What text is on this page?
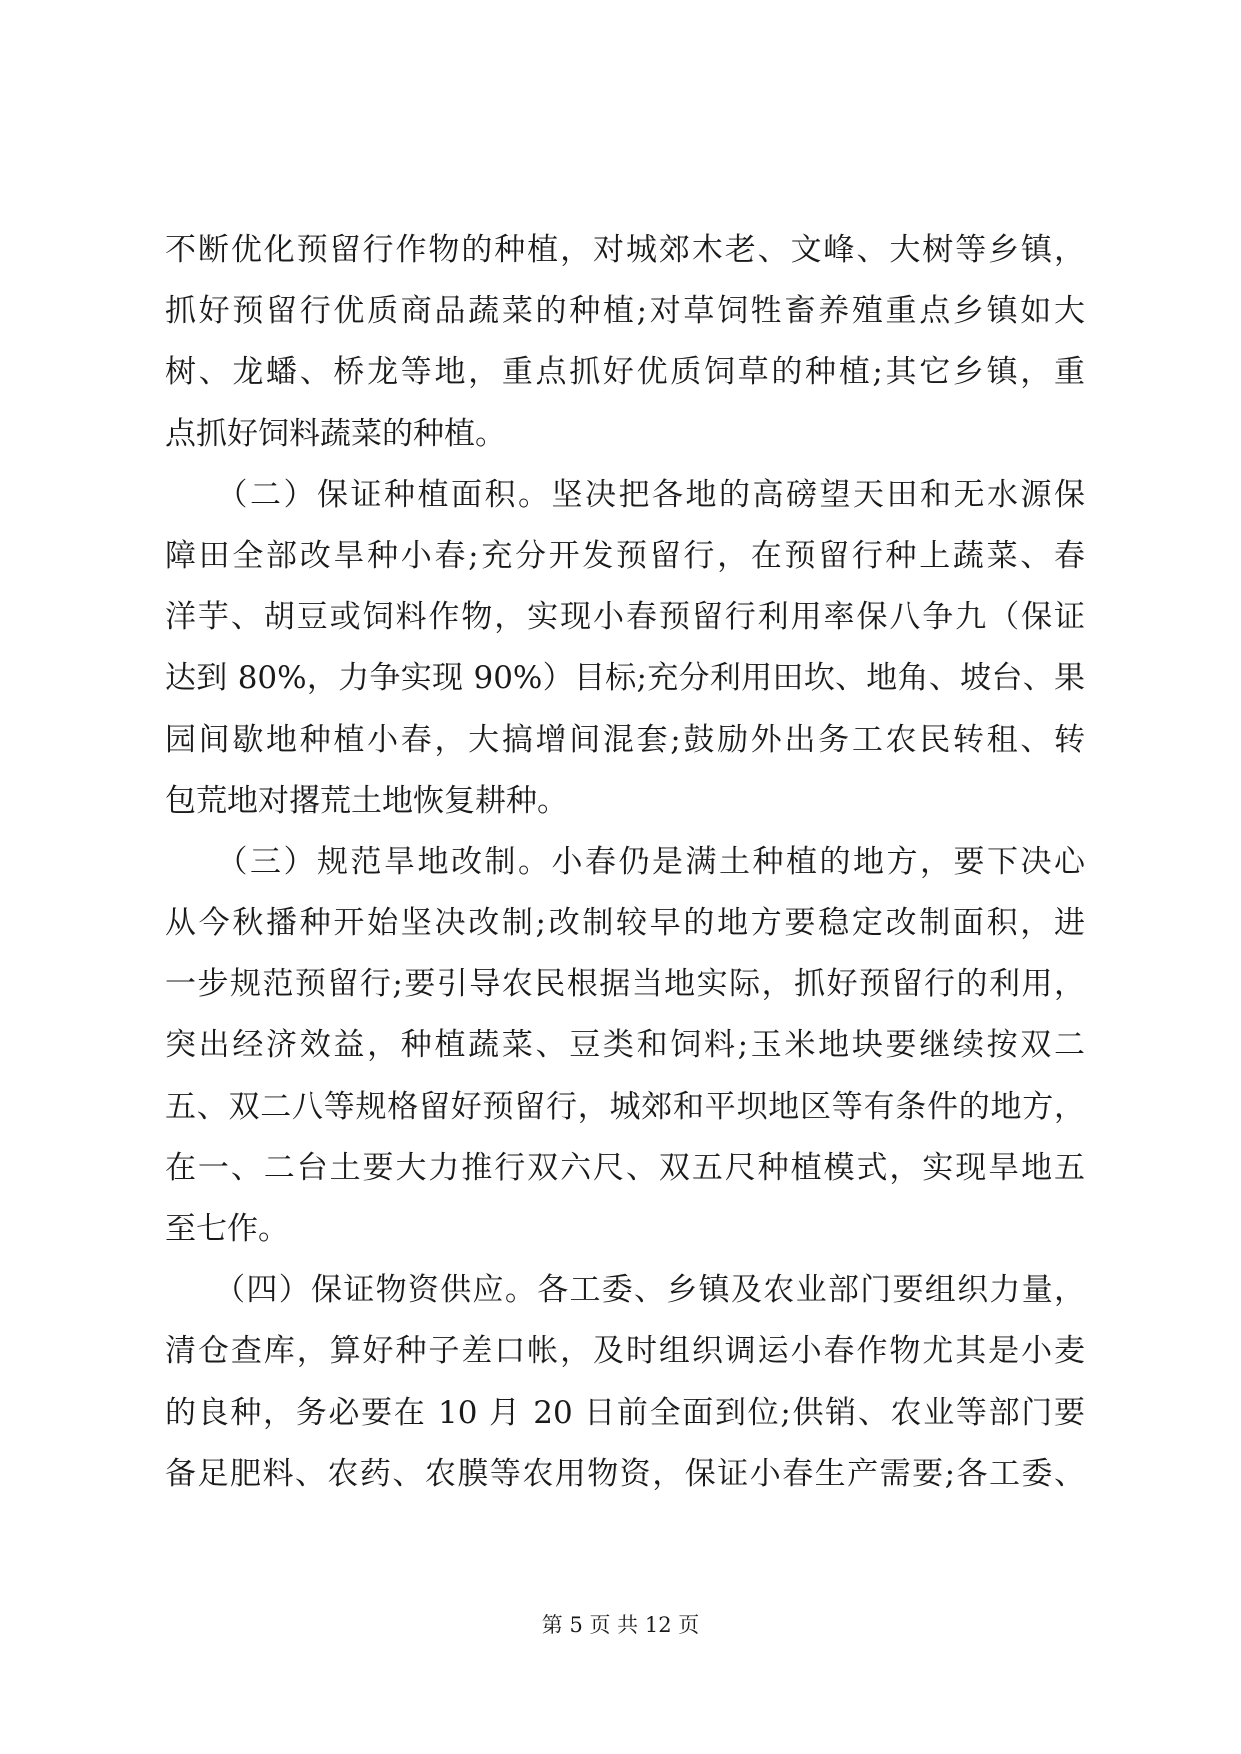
不断优化预留行作物的种植，对城郊木老、文峰、大树等乡镇，
抓好预留行优质商品蔬菜的种植;对草饲牲畜养殖重点乡镇如大
树、龙蟠、桥龙等地，重点抓好优质饲草的种植;其它乡镇，重
点抓好饲料蔬菜的种植。
　　（二）保证种植面积。坚决把各地的高磅望天田和无水源保
障田全部改旱种小春;充分开发预留行，在预留行种上蔬菜、春
洋芋、胡豆或饲料作物，实现小春预留行利用率保八争九（保证
达到 80%，力争实现 90%）目标;充分利用田坎、地角、坡台、果
园间歇地种植小春，大搞增间混套;鼓励外出务工农民转租、转
包荒地对撂荒土地恢复耕种。
　　（三）规范旱地改制。小春仍是满土种植的地方，要下决心
从今秋播种开始坚决改制;改制较早的地方要稳定改制面积，进
一步规范预留行;要引导农民根据当地实际，抓好预留行的利用，
突出经济效益，种植蔬菜、豆类和饲料;玉米地块要继续按双二
五、双二八等规格留好预留行，城郊和平坝地区等有条件的地方，
在一、二台土要大力推行双六尺、双五尺种植模式，实现旱地五
至七作。
　　（四）保证物资供应。各工委、乡镇及农业部门要组织力量，
清仓查库，算好种子差口帐，及时组织调运小春作物尤其是小麦
的良种，务必要在 10 月 20 日前全面到位;供销、农业等部门要
备足肥料、农药、农膜等农用物资，保证小春生产需要;各工委、
第 5 页 共 12 页
